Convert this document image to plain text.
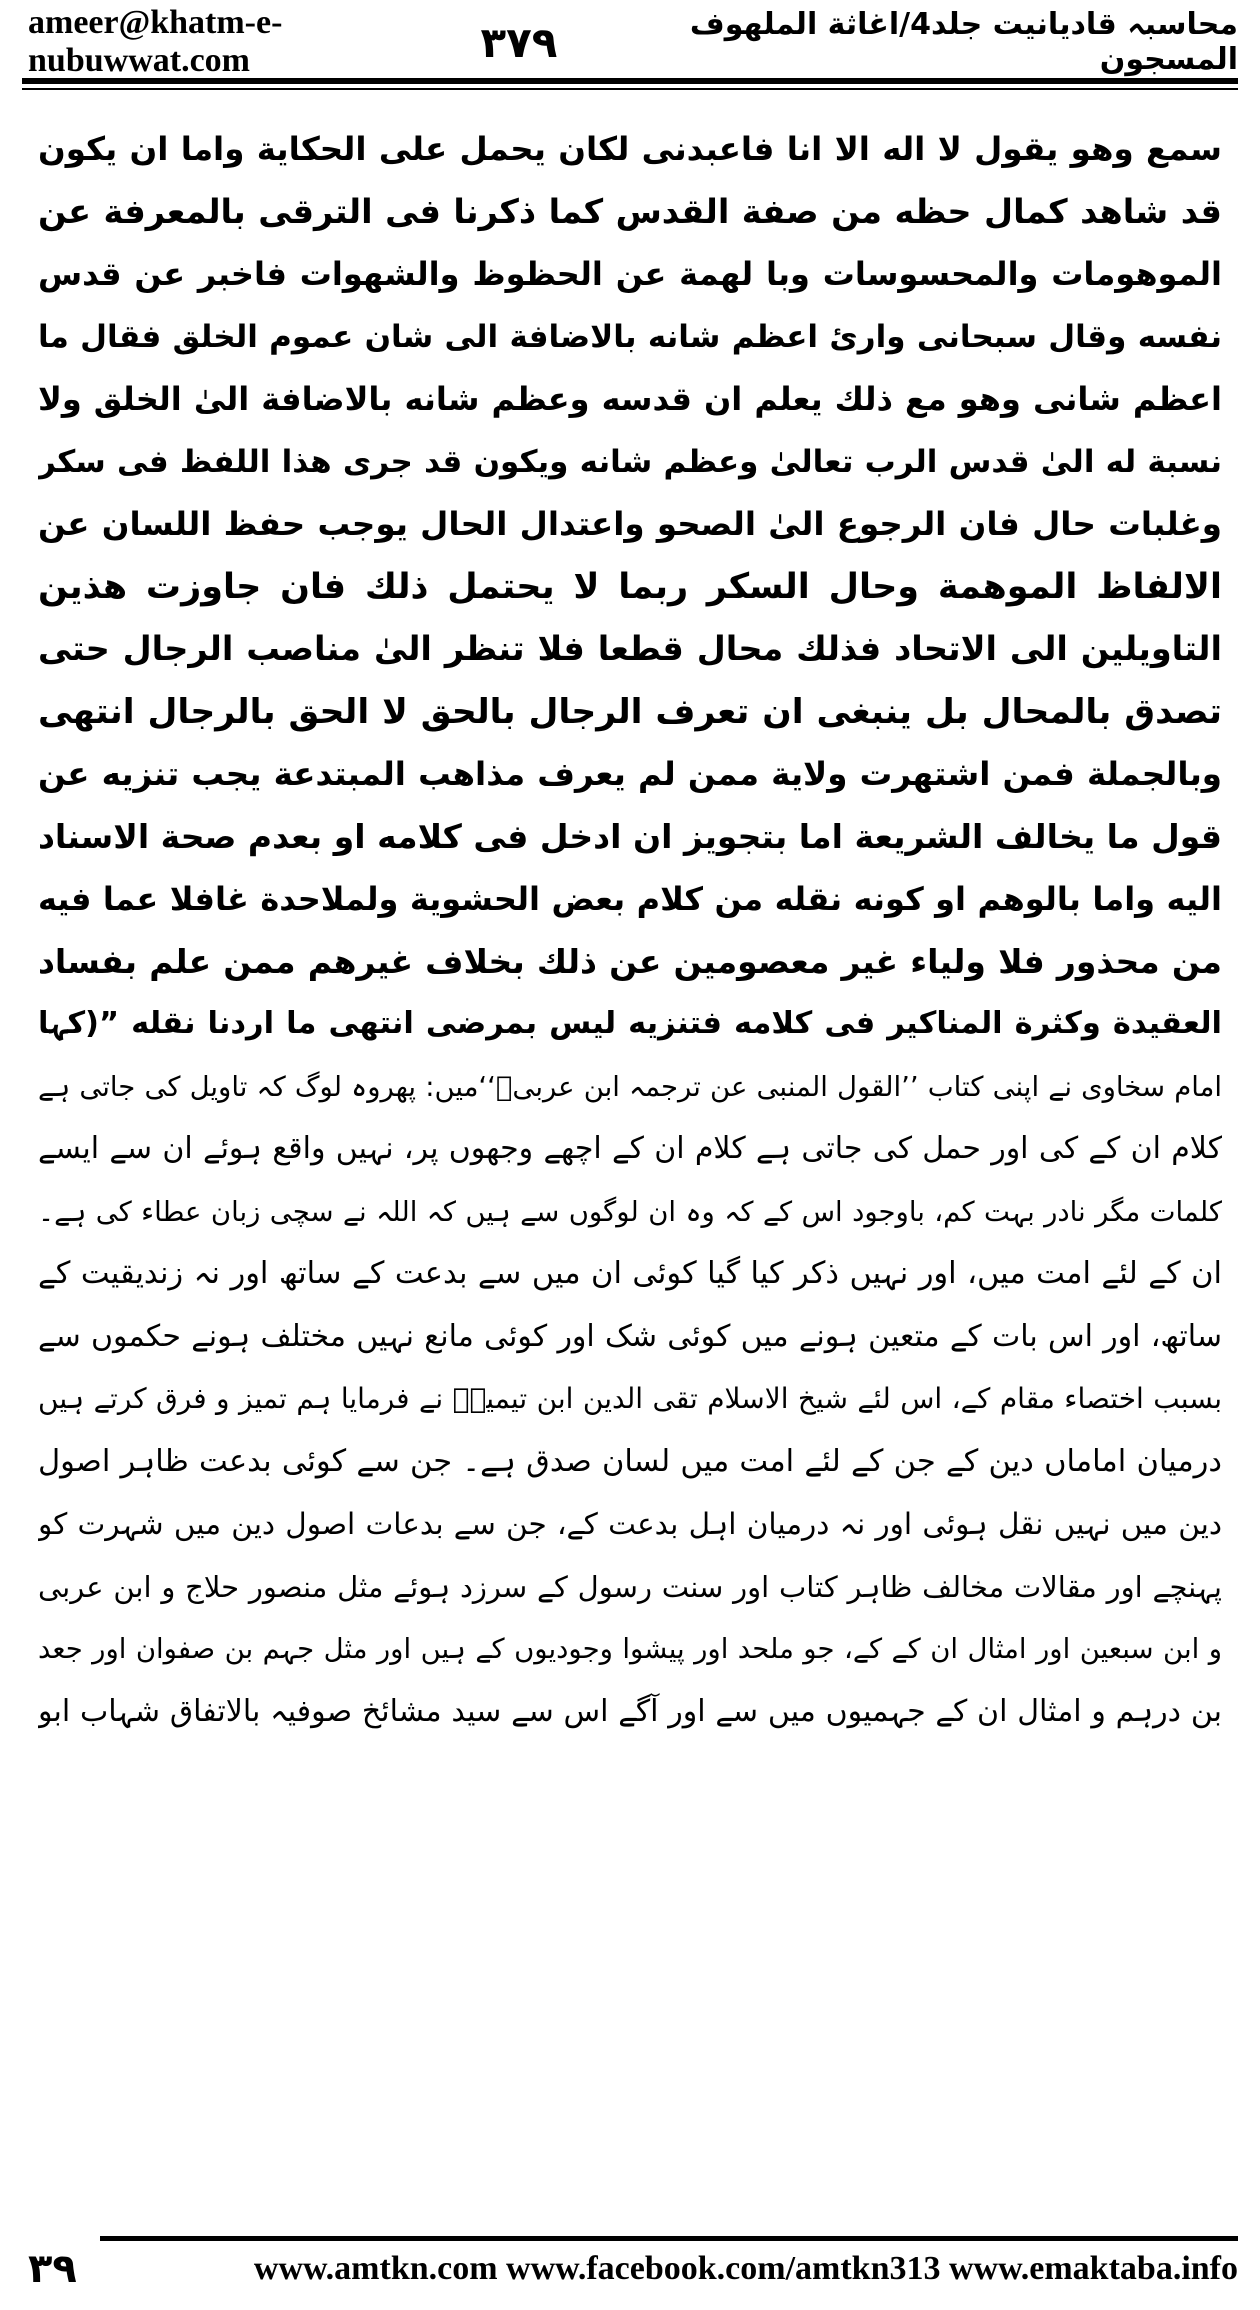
ameer@khatm-e-nubuwwat.com
محاسبہ قادیانیت جلد4/اغاثة الملهوف المسجون
۳۷۹
سمع وهو يقول لا اله الا انا فاعبدنى لكان يحمل على الحكاية واما ان يكون
قد شاهد كمال حظه من صفة القدس كما ذكرنا فى الترقى بالمعرفة عن
الموهومات والمحسوسات وبا لهمة عن الحظوظ والشهوات فاخبر عن قدس
نفسه وقال سبحانى وارئ اعظم شانه بالاضافة الى شان عموم الخلق فقال ما
اعظم شانى وهو مع ذلك يعلم ان قدسه وعظم شانه بالاضافة الىٰ الخلق ولا
نسبة له الىٰ قدس الرب تعالىٰ وعظم شانه ويكون قد جرى هذا اللفظ فى سكر
وغلبات حال فان الرجوع الىٰ الصحو واعتدال الحال يوجب حفظ اللسان عن
الالفاظ الموهمة وحال السكر ربما لا يحتمل ذلك فان جاوزت هذين
التاويلين الى الاتحاد فذلك محال قطعا فلا تنظر الىٰ مناصب الرجال حتى
تصدق بالمحال بل ينبغى ان تعرف الرجال بالحق لا الحق بالرجال انتهى
وبالجملة فمن اشتهرت ولاية ممن لم يعرف مذاهب المبتدعة يجب تنزيه عن
قول ما يخالف الشريعة اما بتجويز ان ادخل فى كلامه او بعدم صحة الاسناد
اليه واما بالوهم او كونه نقله من كلام بعض الحشوية ولملاحدة غافلا عما فيه
من محذور فلا ولياء غير معصومين عن ذلك بخلاف غيرهم ممن علم بفساد
العقيدة وكثرة المناكير فى كلامه فتنزيه ليس بمرضى انتهى ما اردنا نقله ”(كہا
امام سخاوی نے اپنی کتاب ’’القول المنبی عن ترجمہ ابن عربیؒ‘‘میں: پھروہ لوگ کہ تاویل کی جاتی ہے
کلام ان کے کی اور حمل کی جاتی ہے کلام ان کے اچھے وجھوں پر، نہیں واقع ہوئے ان سے ایسے
کلمات مگر نادر بہت کم، باوجود اس کے کہ وہ ان لوگوں سے ہیں کہ اللہ نے سچی زبان عطاء کی ہے۔
ان کے لئے امت میں، اور نہیں ذکر کیا گیا کوئی ان میں سے بدعت کے ساتھ اور نہ زندیقیت کے
ساتھ، اور اس بات کے متعین ہونے میں کوئی شک اور کوئی مانع نہیں مختلف ہونے حکموں سے
بسبب اختصاء مقام کے، اس لئے شیخ الاسلام تقی الدین ابن تیمیہؒ نے فرمایا ہم تمیز و فرق کرتے ہیں
درمیان اماماں دین کے جن کے لئے امت میں لسان صدق ہے۔ جن سے کوئی بدعت ظاہر اصول
دین میں نہیں نقل ہوئی اور نہ درمیان اہل بدعت کے، جن سے بدعات اصول دین میں شہرت کو
پہنچے اور مقالات مخالف ظاہر کتاب اور سنت رسول کے سرزد ہوئے مثل منصور حلاج و ابن عربی
و ابن سبعین اور امثال ان کے کے، جو ملحد اور پیشوا وجودیوں کے ہیں اور مثل جہم بن صفوان اور جعد
بن درہم و امثال ان کے جہمیوں میں سے اور آگے اس سے سید مشائخ صوفیہ بالاتفاق شہاب ابو
۳۹	www.amtkn.com www.facebook.com/amtkn313 www.emaktaba.info
